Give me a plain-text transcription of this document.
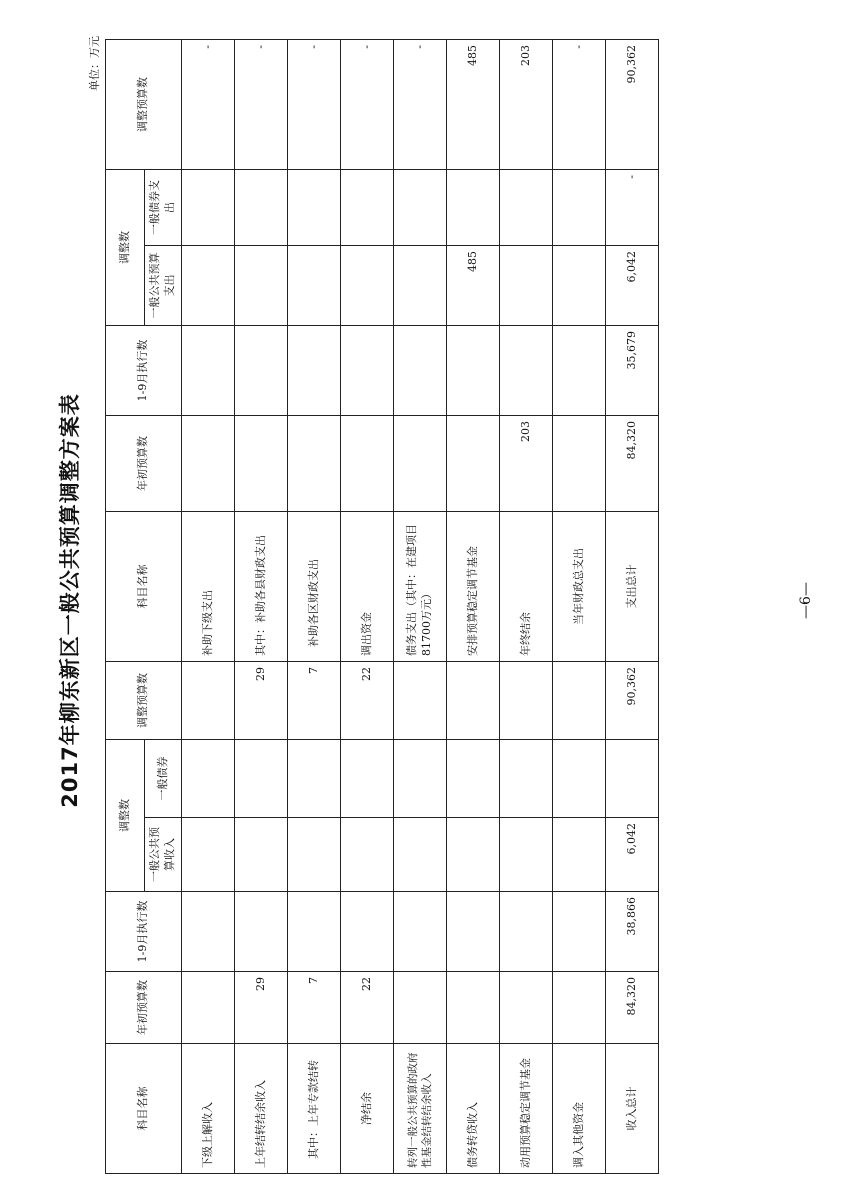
2017年柳东新区一般公共预算调整方案表
单位：万元
科目名称	年初预算数	1-9月执行数	调整数		调整预算数	科目名称	年初预算数	1-9月执行数	调整数		调整预算数
			一般公共预算收入	一般债券					一般公共预算支出	一般债券支出	
下级上解收入						补助下级支出					-
上年结转结余收入	29				29	其中：补助各县财政支出					-
其中：上年专款结转	7				7	补助各区财政支出					-
净结余	22				22	调出资金					-
转列一般公共预算的政府性基金结转结余收入						债务支出（其中：在建项目81700万元）					-
债务转贷收入						安排预算稳定调节基金			485		485
动用预算稳定调节基金						年终结余	203				203
调入其他资金						当年财政总支出					-
收入总计	84,320	38,866	6,042		90,362	支出总计	84,320	35,679	6,042	-	90,362
—6—
